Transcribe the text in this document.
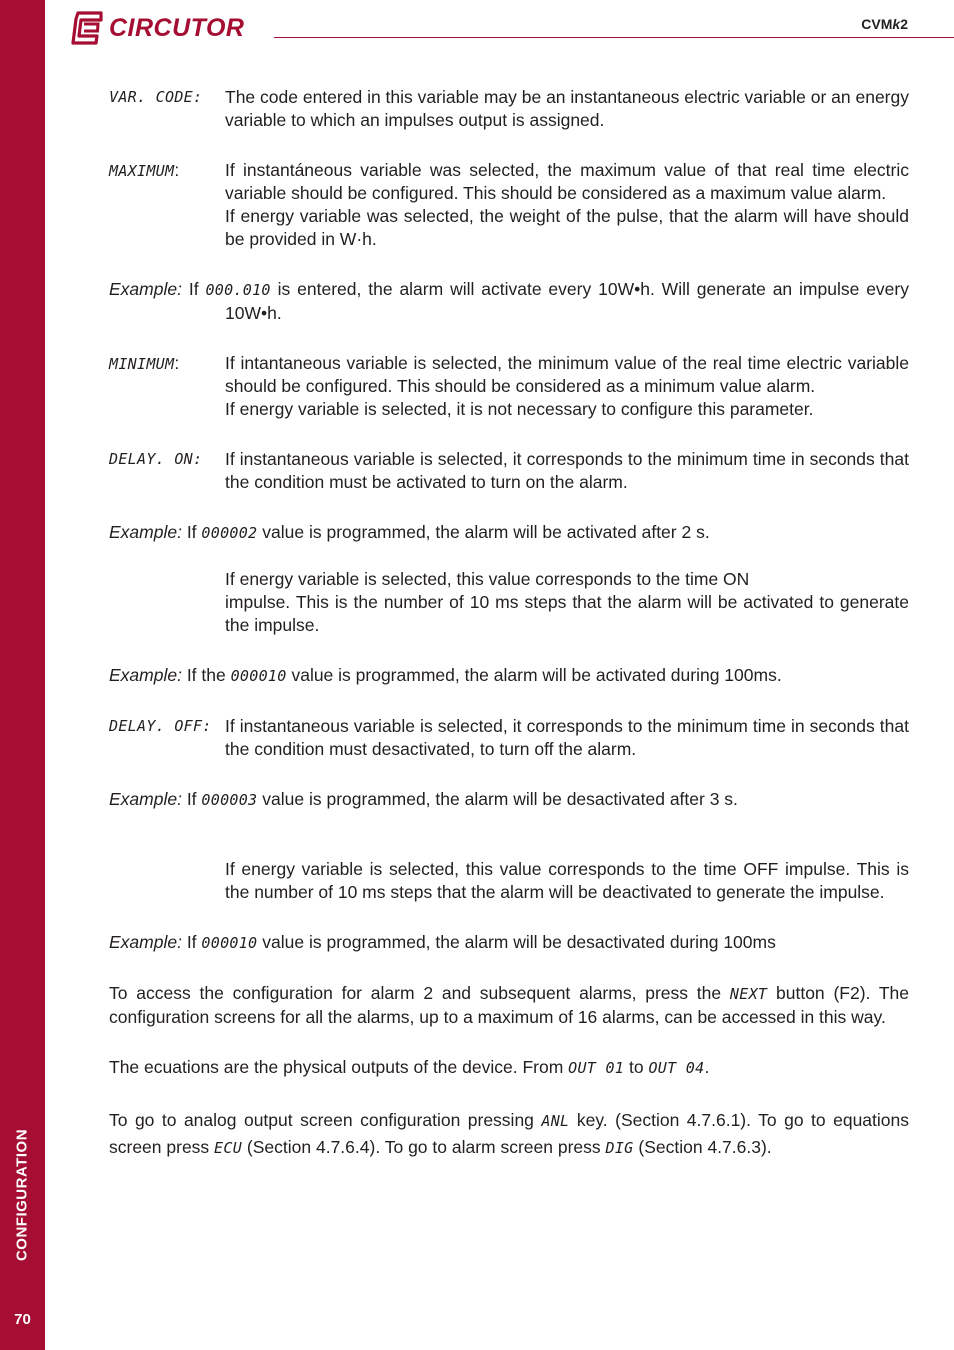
CONFIGURATION
70
CIRCUTOR	CVMk2
VAR. CODE:	The code entered in this variable may be an instantaneous electric variable or an energy variable to which an impulses output is assigned.

MAXIMUM:	If instantáneous variable was selected, the maximum value of that real time electric variable should be configured. This should be considered as a maximum value alarm.

If energy variable was selected, the weight of the pulse, that the alarm will have should be provided in W·h.

Example: If 000.010 is entered, the alarm will activate every 10W•h. Will generate an impulse every 10W•h.

MINIMUM:	If intantaneous variable is selected, the minimum value of the real time electric variable should be configured. This should be considered as a minimum value alarm.

If energy variable is selected, it is not necessary to configure this parameter.

DELAY. ON:	If instantaneous variable is selected, it corresponds to the minimum time in seconds that the condition must be activated to turn on the alarm.

Example: If 000002 value is programmed, the alarm will be activated after 2 s.

If energy variable is selected, this value corresponds to the time ON

impulse. This is the number of 10 ms steps that the alarm will be activated to generate the impulse.

Example: If the 000010 value is programmed, the alarm will be activated during 100ms.

DELAY. OFF: If instantaneous variable is selected, it corresponds to the minimum time in seconds that the condition must desactivated, to turn off the alarm.

Example: If 000003 value is programmed, the alarm will be desactivated after 3 s.

If energy variable is selected, this value corresponds to the time OFF impulse. This is the number of 10 ms steps that the alarm will be deactivated to generate the impulse.

Example: If 000010 value is programmed, the alarm will be desactivated during 100ms

To access the configuration for alarm 2 and subsequent alarms, press the NEXT button (F2). The configuration screens for all the alarms, up to a maximum of 16 alarms, can be accessed in this way.

The ecuations are the physical outputs of the device. From OUT 01 to OUT 04.

To go to analog output screen configuration pressing ANL key. (Section 4.7.6.1). To go to equations screen press ECU (Section 4.7.6.4). To go to alarm screen press DIG (Section 4.7.6.3).
